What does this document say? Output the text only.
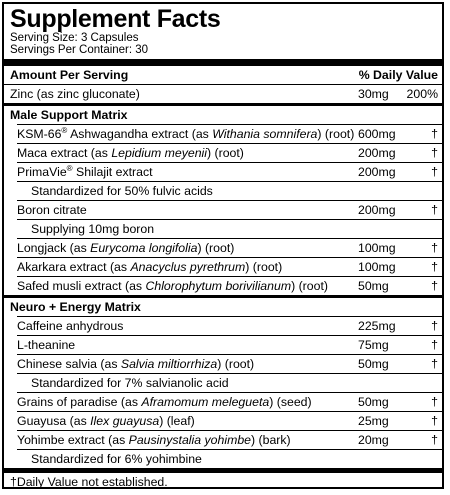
Supplement Facts
Serving Size: 3 Capsules
Servings Per Container: 30
Amount Per Serving	% Daily Value
Zinc (as zinc gluconate)	30mg 200%
Male Support Matrix
KSM-66® Ashwagandha extract (as Withania somnifera) (root) 600mg	†
Maca extract (as Lepidium meyenii) (root)	200mg	†
PrimaVie® Shilajit extract	200mg	†
Standardized for 50% fulvic acids
Boron citrate	200mg	†
Supplying 10mg boron
Longjack (as Eurycoma longifolia) (root)	100mg	†
Akarkara extract (as Anacyclus pyrethrum) (root)	100mg	†
Safed musli extract (as Chlorophytum borivilianum) (root) 50mg	†
Neuro + Energy Matrix
Caffeine anhydrous	225mg	†
L-theanine	75mg	†
Chinese salvia (as Salvia miltiorrhiza) (root)	50mg	†
Standardized for 7% salvianolic acid
Grains of paradise (as Aframomum melegueta) (seed)	50mg	†
Guayusa (as Ilex guayusa) (leaf)	25mg	†
Yohimbe extract (as Pausinystalia yohimbe) (bark)	20mg	†
Standardized for 6% yohimbine
†Daily Value not established.
